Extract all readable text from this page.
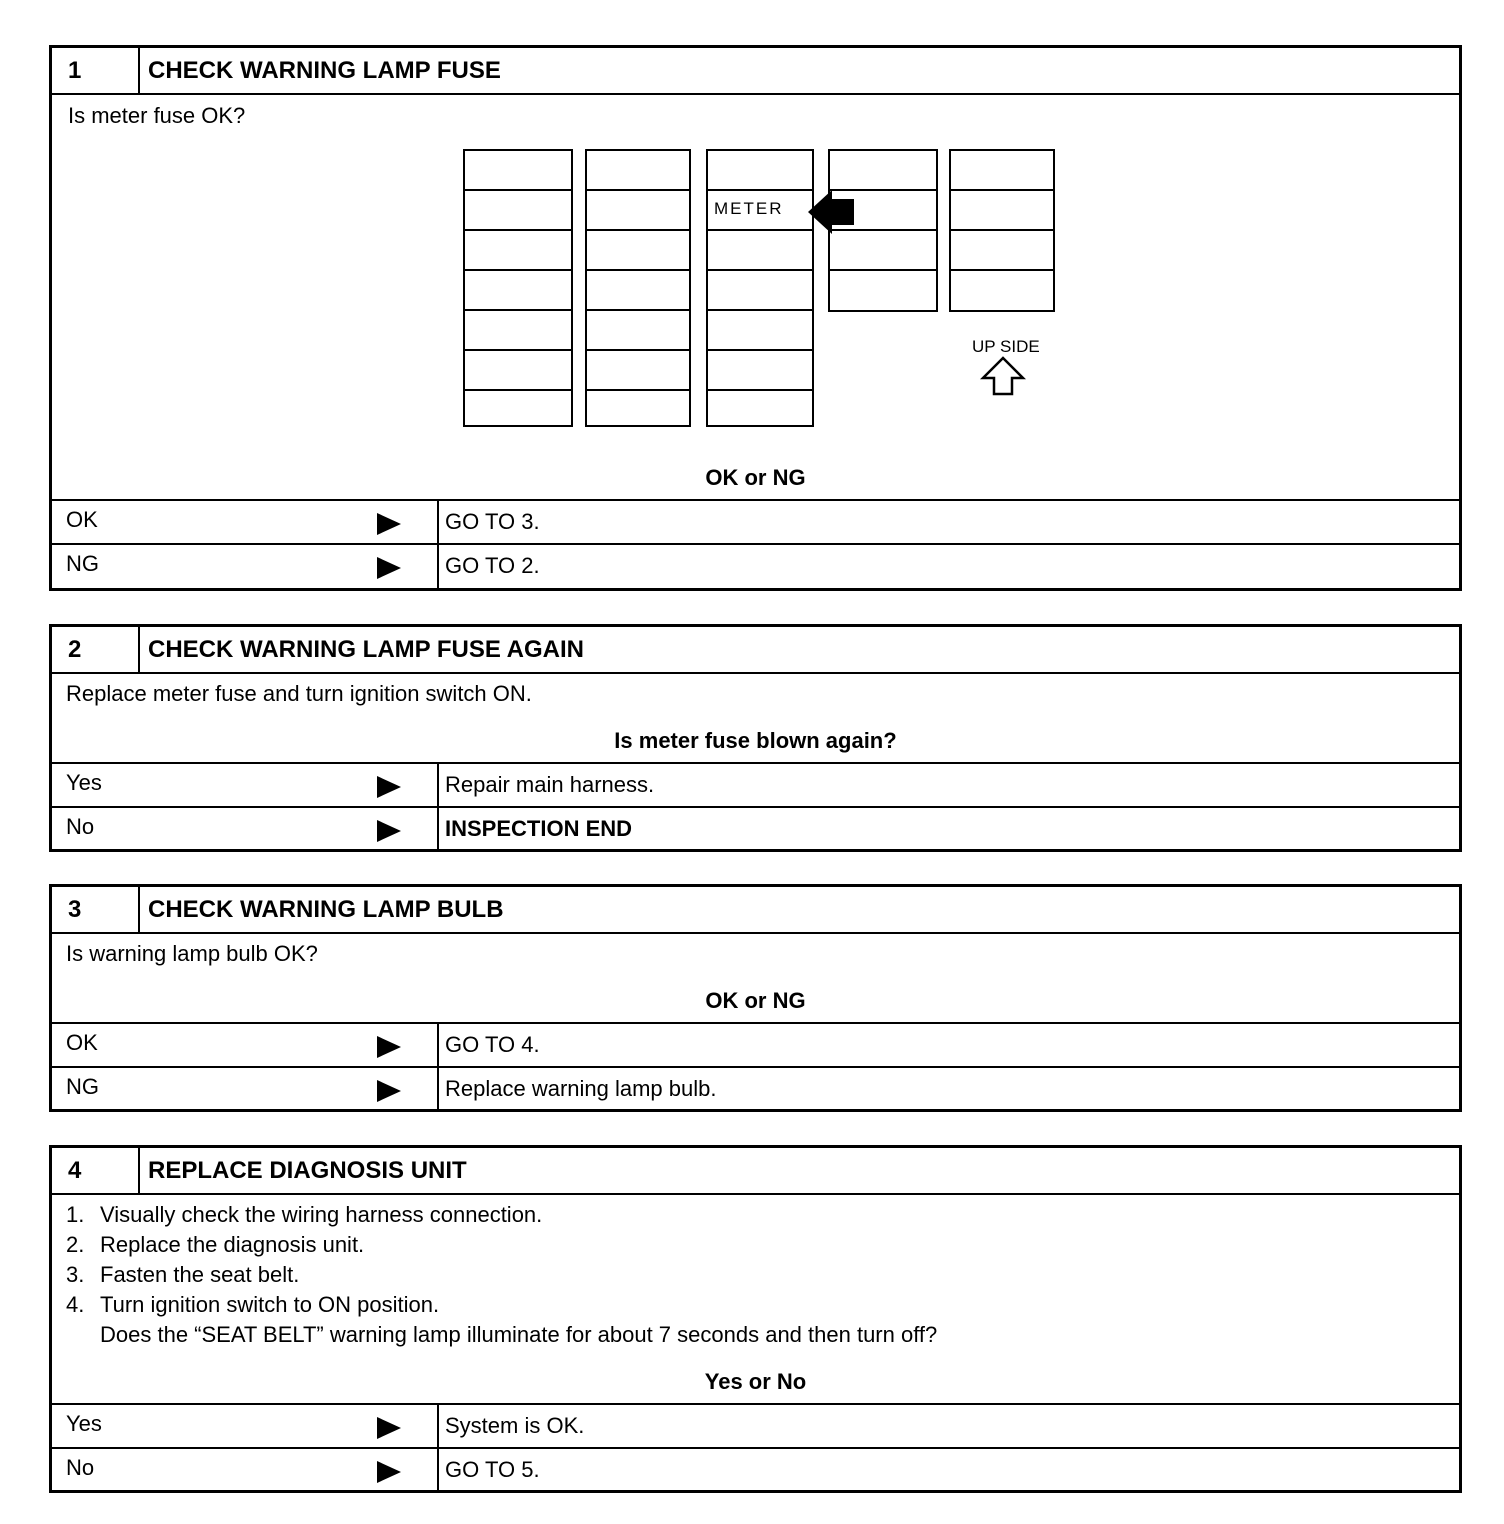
1	CHECK WARNING LAMP FUSE
Is meter fuse OK?
METER
UP SIDE
OK or NG
OK	GO TO 3.
NG	GO TO 2.
2	CHECK WARNING LAMP FUSE AGAIN
Replace meter fuse and turn ignition switch ON.
Is meter fuse blown again?
Yes	Repair main harness.
No	INSPECTION END
3	CHECK WARNING LAMP BULB
Is warning lamp bulb OK?
OK or NG
OK	GO TO 4.
NG	Replace warning lamp bulb.
4	REPLACE DIAGNOSIS UNIT
1. Visually check the wiring harness connection.
2. Replace the diagnosis unit.
3. Fasten the seat belt.
4. Turn ignition switch to ON position.
Does the “SEAT BELT” warning lamp illuminate for about 7 seconds and then turn off?
Yes or No
Yes	System is OK.
No	GO TO 5.
